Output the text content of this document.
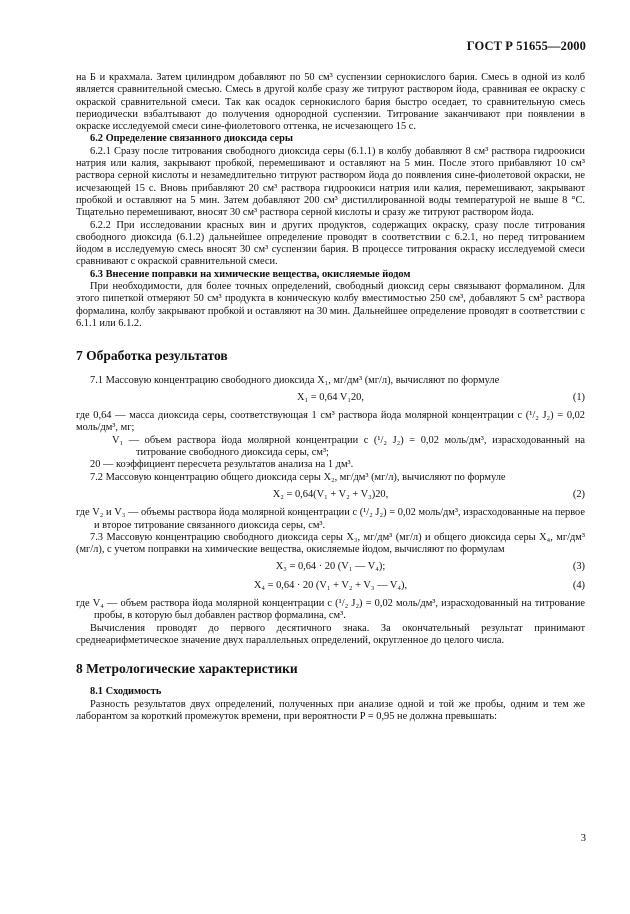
ГОСТ Р 51655—2000

на Б и крахмала. Затем цилиндром добавляют по 50 см³ суспензии сернокислого бария. Смесь в одной из колб является сравнительной смесью. Смесь в другой колбе сразу же титруют раствором йода, сравнивая ее окраску с окраской сравнительной смеси. Так как осадок сернокислого бария быстро оседает, то сравнительную смесь периодически взбалтывают до получения однородной суспензии. Титрование заканчивают при появлении в окраске исследуемой смеси сине-фиолетового оттенка, не исчезающего 15 с.

6.2 Определение связанного диоксида серы

6.2.1 Сразу после титрования свободного диоксида серы (6.1.1) в колбу добавляют 8 см³ раствора гидроокиси натрия или калия, закрывают пробкой, перемешивают и оставляют на 5 мин. После этого прибавляют 10 см³ раствора серной кислоты и незамедлительно титруют раствором йода до появления сине-фиолетовой окраски, не исчезающей 15 с. Вновь прибавляют 20 см³ раствора гидроокиси натрия или калия, перемешивают, закрывают пробкой и оставляют на 5 мин. Затем добавляют 200 см³ дистиллированной воды температурой не выше 8 °С. Тщательно перемешивают, вносят 30 см³ раствора серной кислоты и сразу же титруют раствором йода.

6.2.2 При исследовании красных вин и других продуктов, содержащих окраску, сразу после титрования свободного диоксида (6.1.2) дальнейшее определение проводят в соответствии с 6.2.1, но перед титрованием йодом в исследуемую смесь вносят 30 см³ суспензии бария. В процессе титрования окраску исследуемой смеси сравнивают с окраской сравнительной смеси.

6.3 Внесение поправки на химические вещества, окисляемые йодом

При необходимости, для более точных определений, свободный диоксид серы связывают формалином. Для этого пипеткой отмеряют 50 см³ продукта в коническую колбу вместимостью 250 см³, добавляют 5 см³ раствора формалина, колбу закрывают пробкой и оставляют на 30 мин. Дальнейшее определение проводят в соответствии с 6.1.1 или 6.1.2.

7 Обработка результатов

7.1 Массовую концентрацию свободного диоксида X₁, мг/дм³ (мг/л), вычисляют по формуле

X₁ = 0,64 V₁20,	(1)

где 0,64 — масса диоксида серы, соответствующая 1 см³ раствора йода молярной концентрации с (¹/₂ J₂) = 0,02 моль/дм³, мг;

V₁ — объем раствора йода молярной концентрации с (¹/₂ J₂) = 0,02 моль/дм³, израсходованный на титрование свободного диоксида серы, см³;

20 — коэффициент пересчета результатов анализа на 1 дм³.

7.2 Массовую концентрацию общего диоксида серы X₂, мг/дм³ (мг/л), вычисляют по формуле

X₂ = 0,64(V₁ + V₂ + V₃)20,	(2)

где V₂ и V₃ — объемы раствора йода молярной концентрации с (¹/₂ J₂) = 0,02 моль/дм³, израсходованные на первое и второе титрование связанного диоксида серы, см³.

7.3 Массовую концентрацию свободного диоксида серы X₃, мг/дм³ (мг/л) и общего диоксида серы X₄, мг/дм³ (мг/л), с учетом поправки на химические вещества, окисляемые йодом, вычисляют по формулам

X₃ = 0,64 · 20 (V₁ — V₄);	(3)
X₄ = 0,64 · 20 (V₁ + V₂ + V₃ — V₄),	(4)

где V₄ — объем раствора йода молярной концентрации с (¹/₂ J₂) = 0,02 моль/дм³, израсходованный на титрование пробы, в которую был добавлен раствор формалина, см³.

Вычисления проводят до первого десятичного знака. За окончательный результат принимают среднеарифметическое значение двух параллельных определений, округленное до целого числа.

8 Метрологические характеристики

8.1 Сходимость

Разность результатов двух определений, полученных при анализе одной и той же пробы, одним и тем же лаборантом за короткий промежуток времени, при вероятности P = 0,95 не должна превышать:

3
